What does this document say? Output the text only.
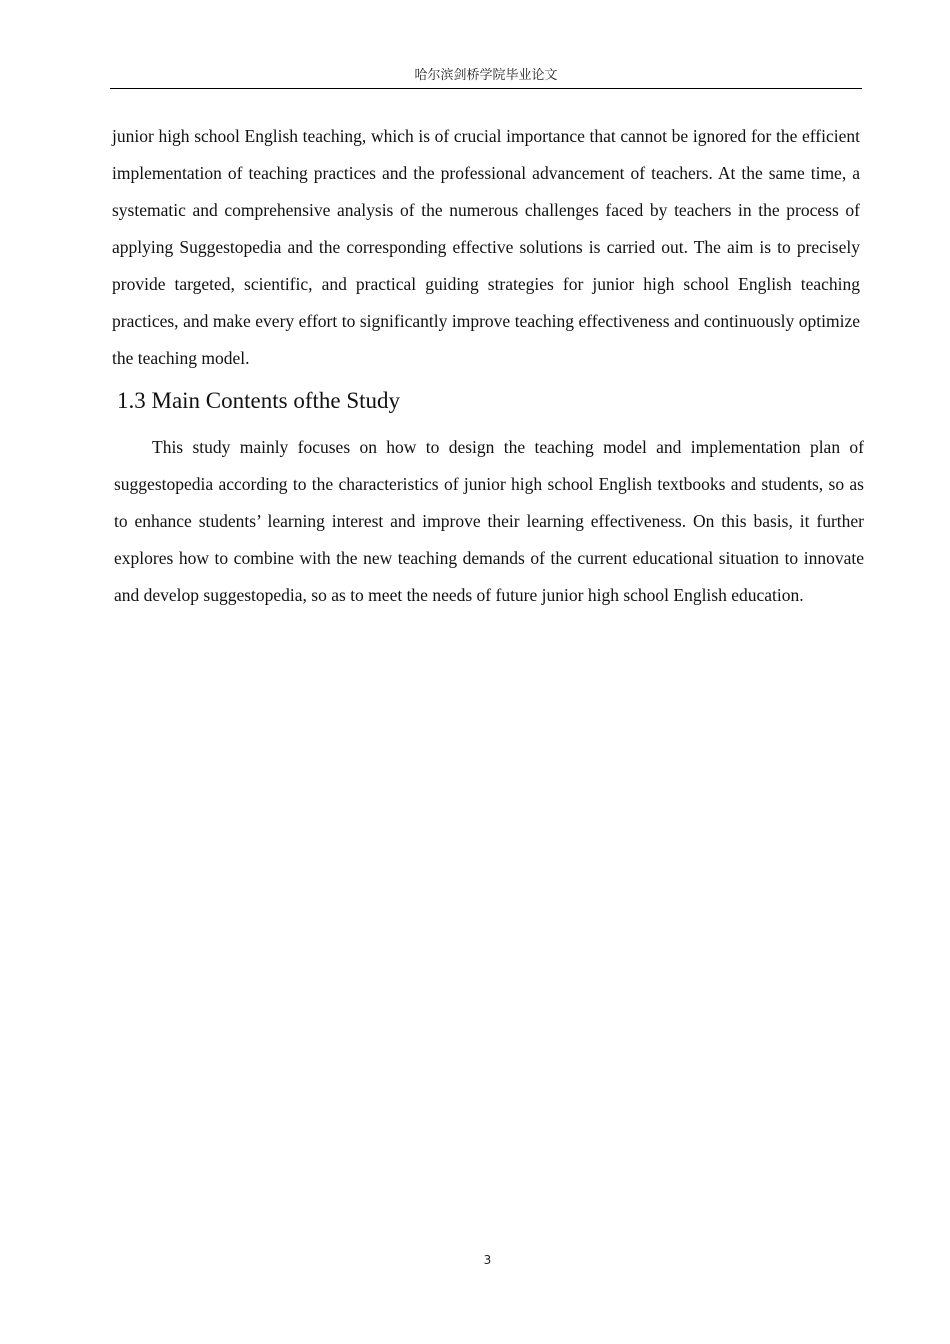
哈尔滨剑桥学院毕业论文

junior high school English teaching, which is of crucial importance that cannot be ignored for the efficient implementation of teaching practices and the professional advancement of teachers. At the same time, a systematic and comprehensive analysis of the numerous challenges faced by teachers in the process of applying Suggestopedia and the corresponding effective solutions is carried out. The aim is to precisely provide targeted, scientific, and practical guiding strategies for junior high school English teaching practices, and make every effort to significantly improve teaching effectiveness and continuously optimize the teaching model.

1.3 Main Contents ofthe Study

This study mainly focuses on how to design the teaching model and implementation plan of suggestopedia according to the characteristics of junior high school English textbooks and students, so as to enhance students’ learning interest and improve their learning effectiveness. On this basis, it further explores how to combine with the new teaching demands of the current educational situation to innovate and develop suggestopedia, so as to meet the needs of future junior high school English education.

3
